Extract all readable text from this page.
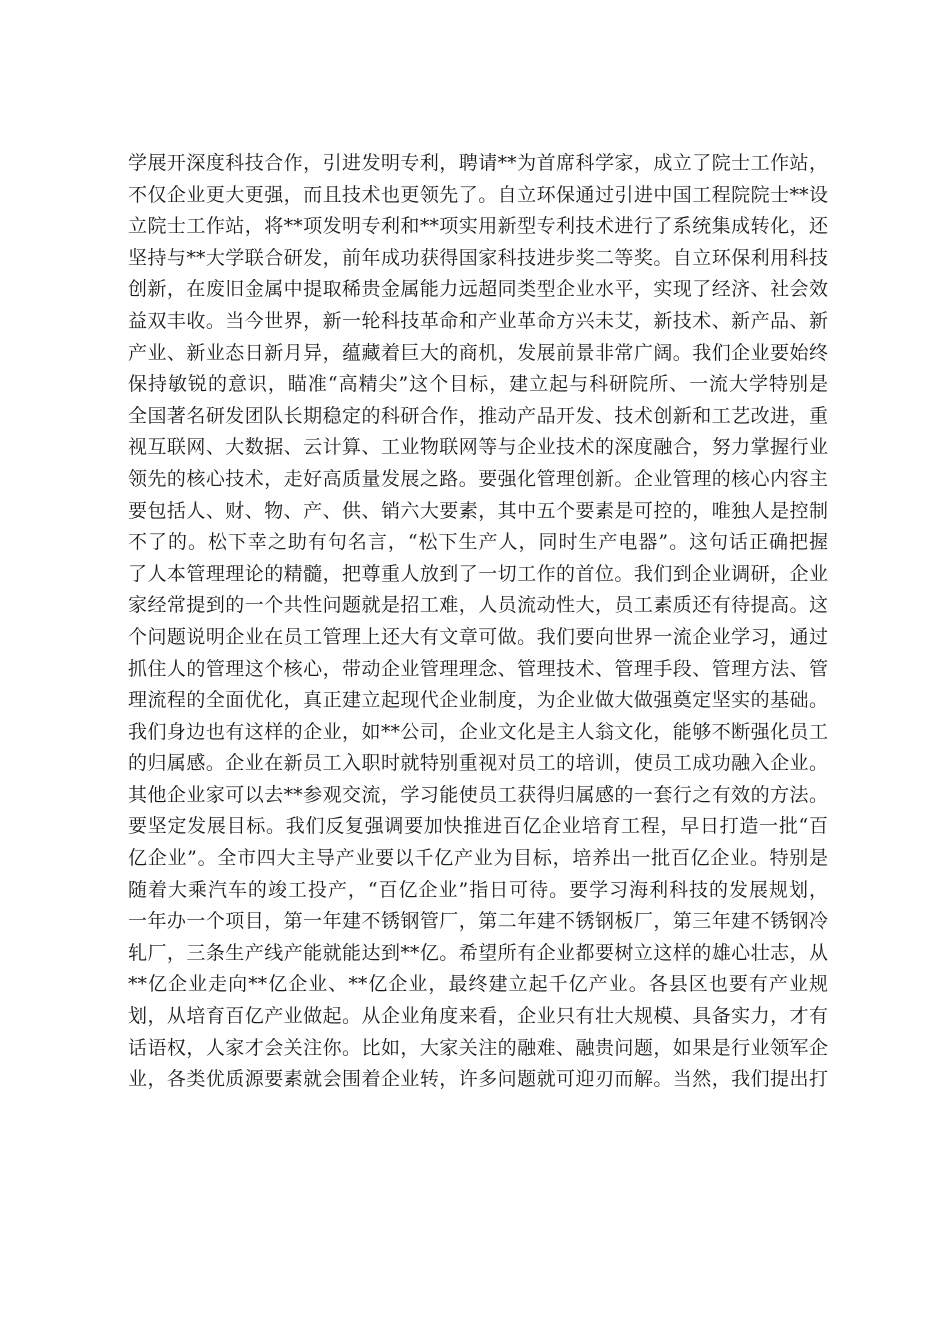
学展开深度科技合作，引进发明专利，聘请**为首席科学家，成立了院士工作站，
不仅企业更大更强，而且技术也更领先了。自立环保通过引进中国工程院院士**设
立院士工作站，将**项发明专利和**项实用新型专利技术进行了系统集成转化，还
坚持与**大学联合研发，前年成功获得国家科技进步奖二等奖。自立环保利用科技
创新，在废旧金属中提取稀贵金属能力远超同类型企业水平，实现了经济、社会效
益双丰收。当今世界，新一轮科技革命和产业革命方兴未艾，新技术、新产品、新
产业、新业态日新月异，蕴藏着巨大的商机，发展前景非常广阔。我们企业要始终
保持敏锐的意识，瞄准“高精尖”这个目标，建立起与科研院所、一流大学特别是
全国著名研发团队长期稳定的科研合作，推动产品开发、技术创新和工艺改进，重
视互联网、大数据、云计算、工业物联网等与企业技术的深度融合，努力掌握行业
领先的核心技术，走好高质量发展之路。要强化管理创新。企业管理的核心内容主
要包括人、财、物、产、供、销六大要素，其中五个要素是可控的，唯独人是控制
不了的。松下幸之助有句名言，“松下生产人，同时生产电器”。这句话正确把握
了人本管理理论的精髓，把尊重人放到了一切工作的首位。我们到企业调研，企业
家经常提到的一个共性问题就是招工难，人员流动性大，员工素质还有待提高。这
个问题说明企业在员工管理上还大有文章可做。我们要向世界一流企业学习，通过
抓住人的管理这个核心，带动企业管理理念、管理技术、管理手段、管理方法、管
理流程的全面优化，真正建立起现代企业制度，为企业做大做强奠定坚实的基础。
我们身边也有这样的企业，如**公司，企业文化是主人翁文化，能够不断强化员工
的归属感。企业在新员工入职时就特别重视对员工的培训，使员工成功融入企业。
其他企业家可以去**参观交流，学习能使员工获得归属感的一套行之有效的方法。
要坚定发展目标。我们反复强调要加快推进百亿企业培育工程，早日打造一批“百
亿企业”。全市四大主导产业要以千亿产业为目标，培养出一批百亿企业。特别是
随着大乘汽车的竣工投产，“百亿企业”指日可待。要学习海利科技的发展规划，
一年办一个项目，第一年建不锈钢管厂，第二年建不锈钢板厂，第三年建不锈钢冷
轧厂，三条生产线产能就能达到**亿。希望所有企业都要树立这样的雄心壮志，从
**亿企业走向**亿企业、**亿企业，最终建立起千亿产业。各县区也要有产业规
划，从培育百亿产业做起。从企业角度来看，企业只有壮大规模、具备实力，才有
话语权，人家才会关注你。比如，大家关注的融难、融贵问题，如果是行业领军企
业，各类优质源要素就会围着企业转，许多问题就可迎刃而解。当然，我们提出打
